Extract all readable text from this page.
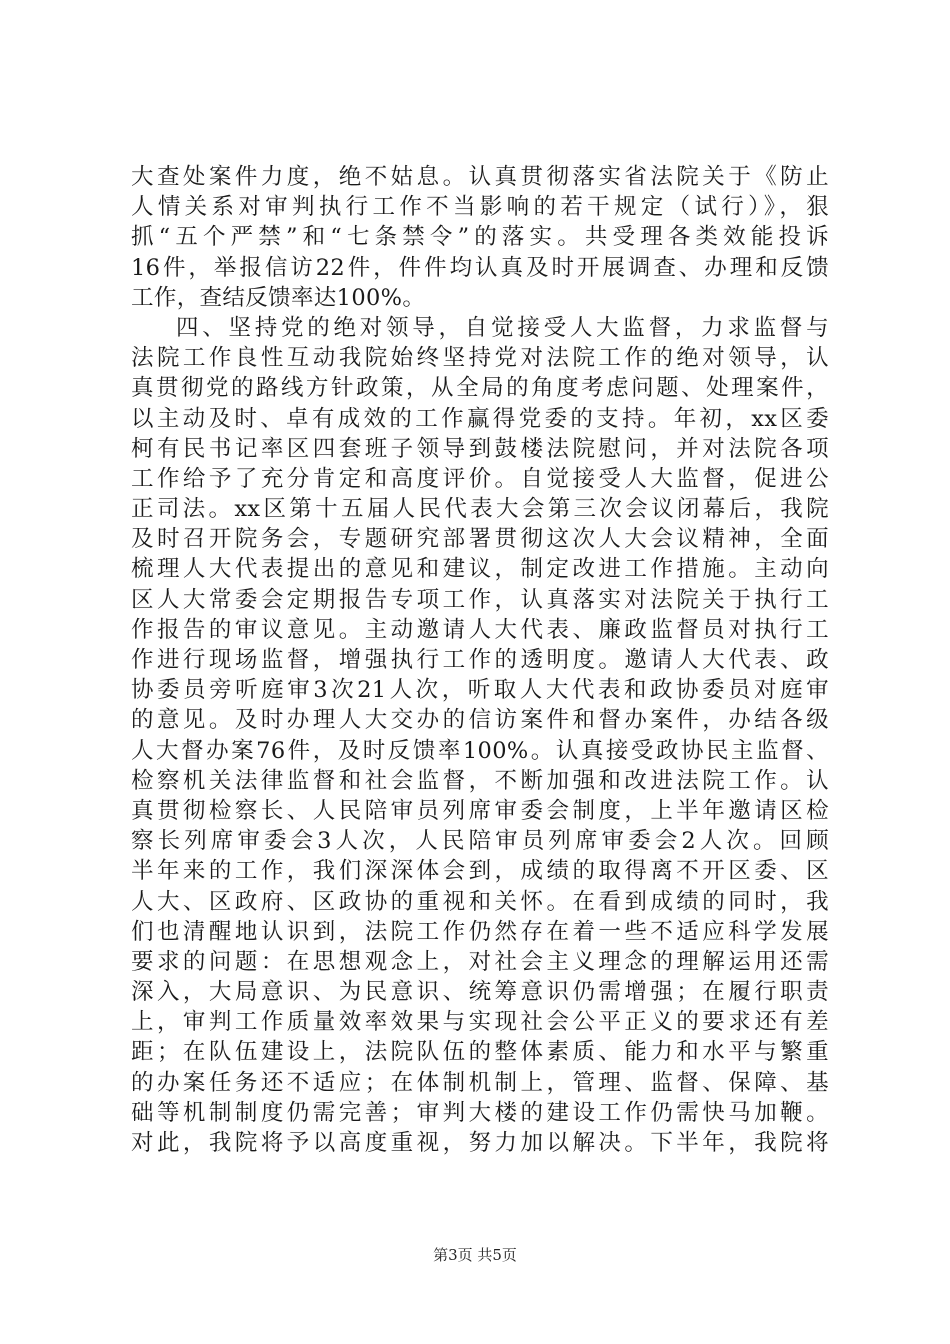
大查处案件力度，绝不姑息。认真贯彻落实省法院关于《防止
人情关系对审判执行工作不当影响的若干规定（试行）》，狠
抓“五个严禁”和“七条禁令”的落实。共受理各类效能投诉
16件，举报信访22件，件件均认真及时开展调查、办理和反馈
工作，查结反馈率达100%。
四、坚持党的绝对领导，自觉接受人大监督，力求监督与
法院工作良性互动我院始终坚持党对法院工作的绝对领导，认
真贯彻党的路线方针政策，从全局的角度考虑问题、处理案件，
以主动及时、卓有成效的工作赢得党委的支持。年初，xx区委
柯有民书记率区四套班子领导到鼓楼法院慰问，并对法院各项
工作给予了充分肯定和高度评价。自觉接受人大监督，促进公
正司法。xx区第十五届人民代表大会第三次会议闭幕后，我院
及时召开院务会，专题研究部署贯彻这次人大会议精神，全面
梳理人大代表提出的意见和建议，制定改进工作措施。主动向
区人大常委会定期报告专项工作，认真落实对法院关于执行工
作报告的审议意见。主动邀请人大代表、廉政监督员对执行工
作进行现场监督，增强执行工作的透明度。邀请人大代表、政
协委员旁听庭审3次21人次，听取人大代表和政协委员对庭审
的意见。及时办理人大交办的信访案件和督办案件，办结各级
人大督办案76件，及时反馈率100%。认真接受政协民主监督、
检察机关法律监督和社会监督，不断加强和改进法院工作。认
真贯彻检察长、人民陪审员列席审委会制度，上半年邀请区检
察长列席审委会3人次，人民陪审员列席审委会2人次。回顾
半年来的工作，我们深深体会到，成绩的取得离不开区委、区
人大、区政府、区政协的重视和关怀。在看到成绩的同时，我
们也清醒地认识到，法院工作仍然存在着一些不适应科学发展
要求的问题：在思想观念上，对社会主义理念的理解运用还需
深入，大局意识、为民意识、统筹意识仍需增强；在履行职责
上，审判工作质量效率效果与实现社会公平正义的要求还有差
距；在队伍建设上，法院队伍的整体素质、能力和水平与繁重
的办案任务还不适应；在体制机制上，管理、监督、保障、基
础等机制制度仍需完善；审判大楼的建设工作仍需快马加鞭。
对此，我院将予以高度重视，努力加以解决。下半年，我院将
第3页 共5页
